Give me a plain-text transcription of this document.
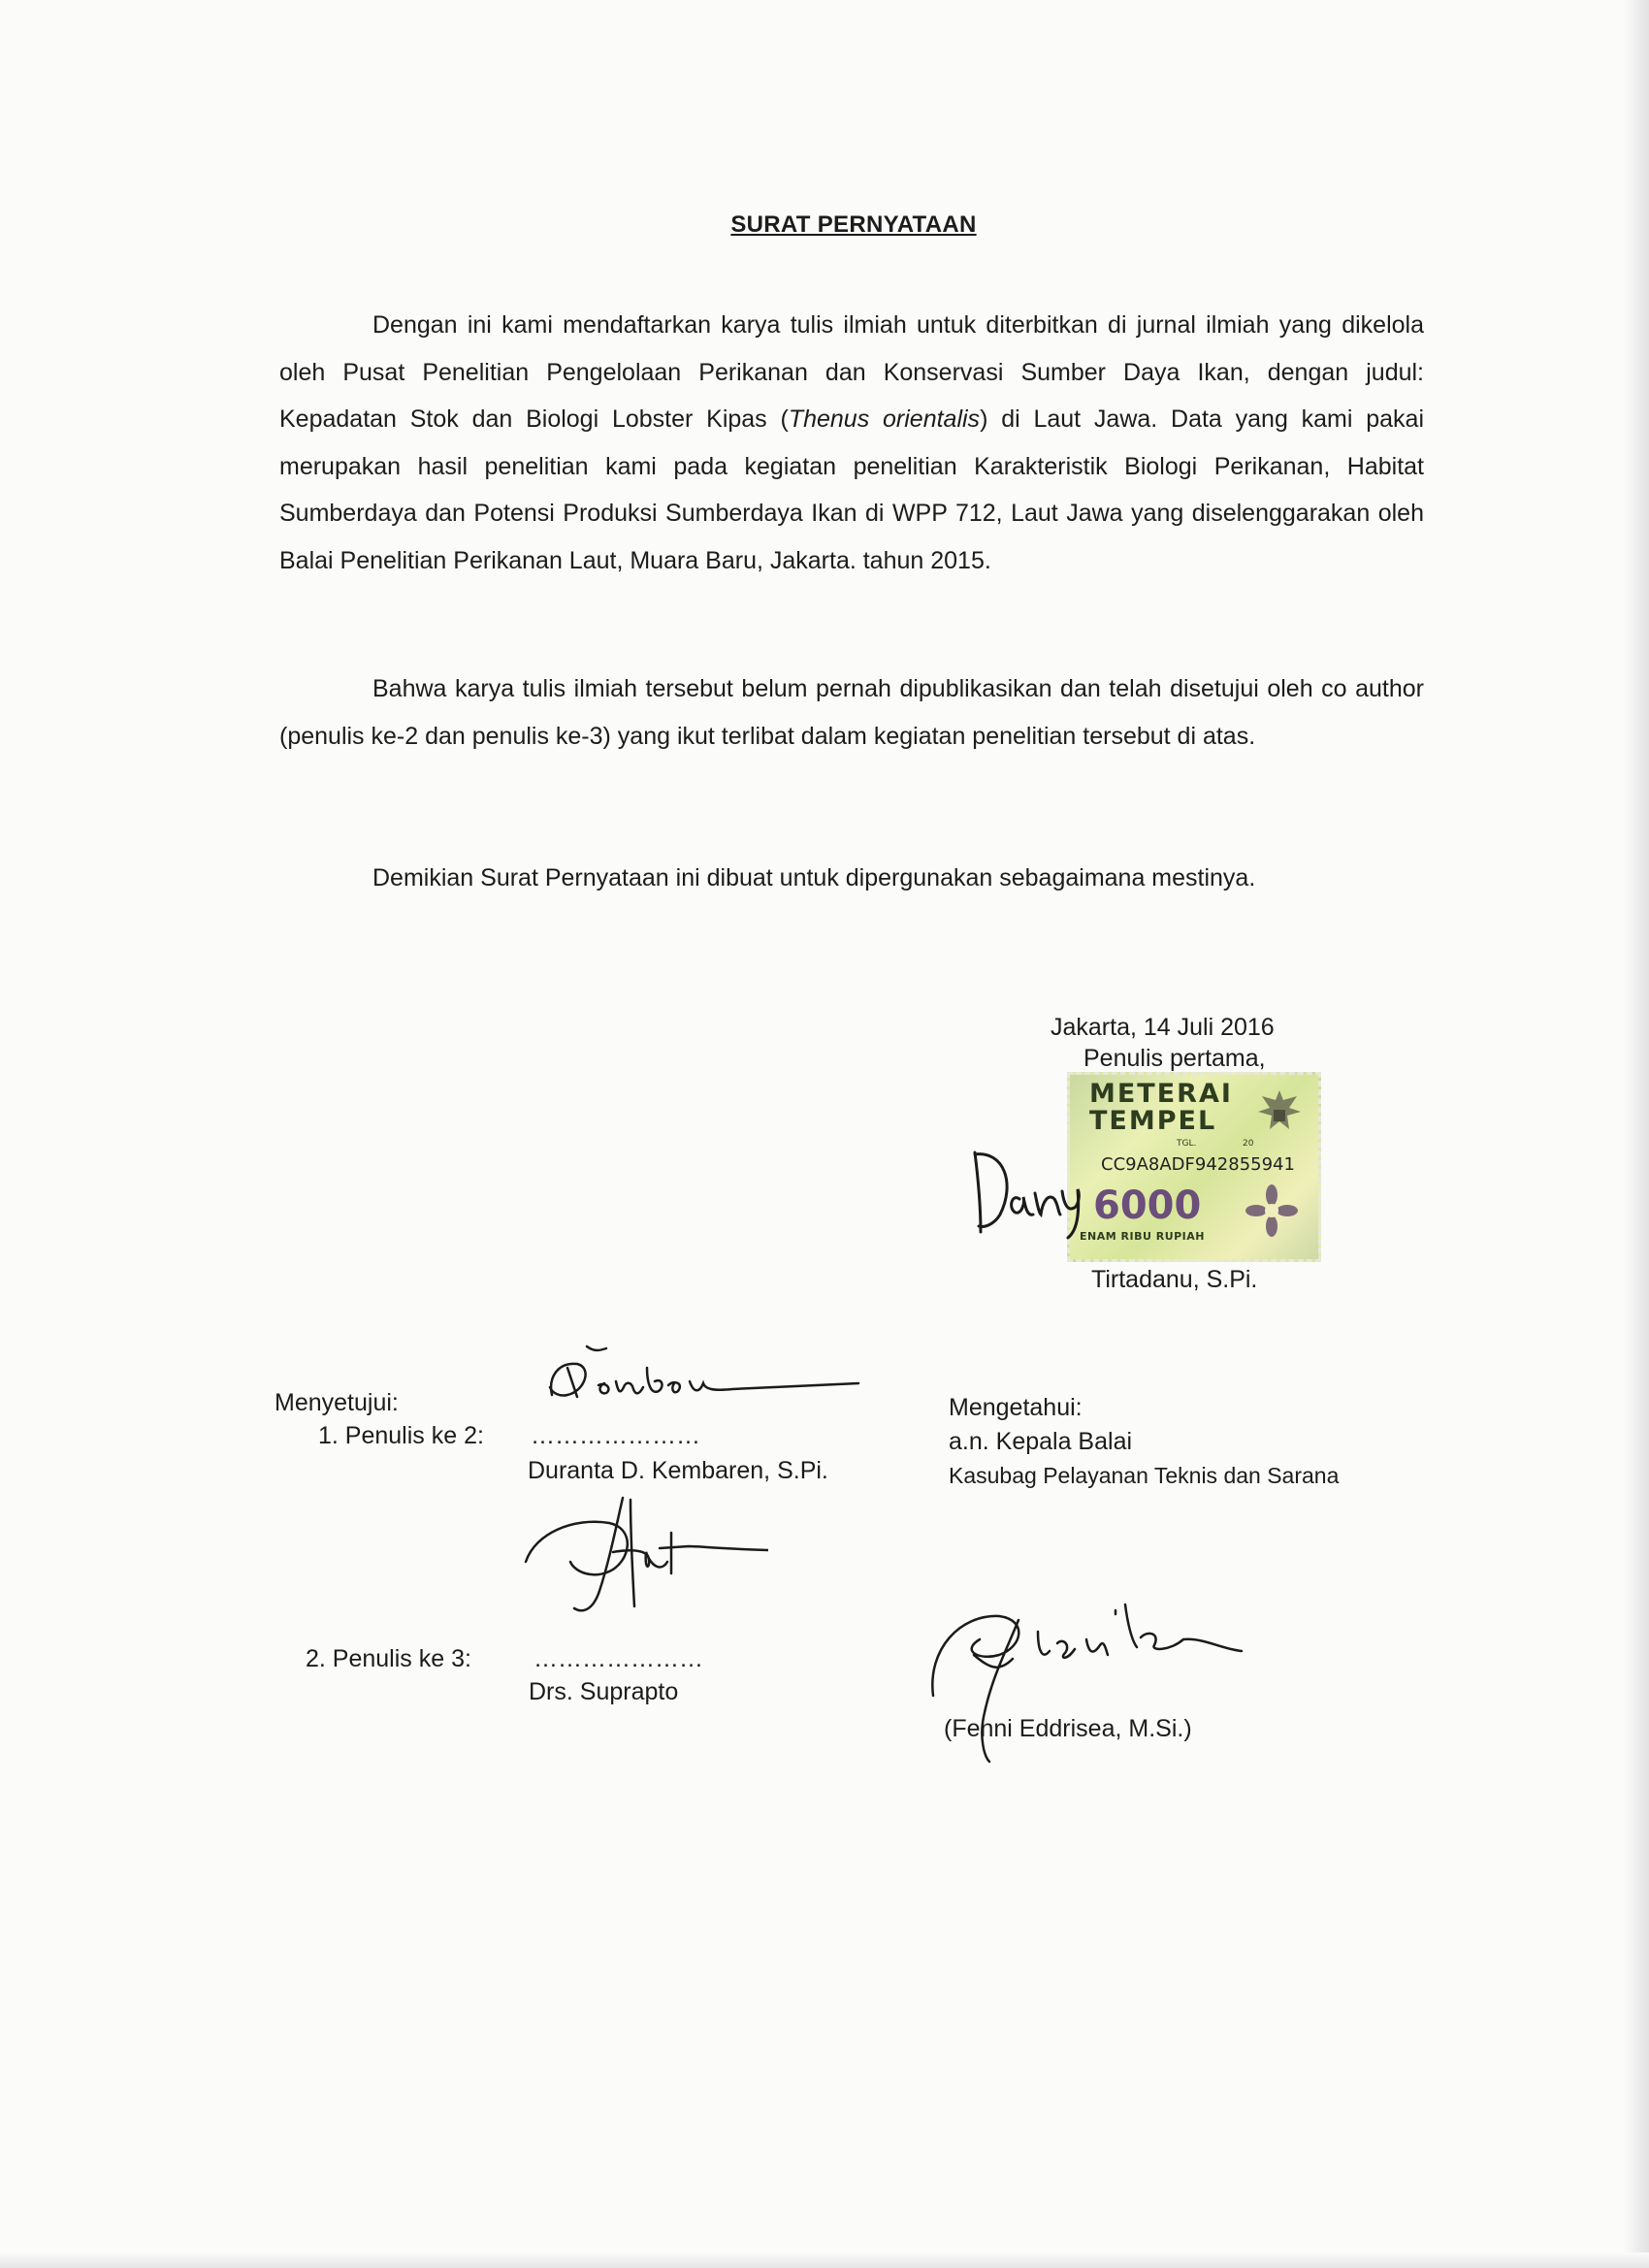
SURAT PERNYATAAN
Dengan ini kami mendaftarkan karya tulis ilmiah untuk diterbitkan di jurnal ilmiah yang dikelola oleh Pusat Penelitian Pengelolaan Perikanan dan Konservasi Sumber Daya Ikan, dengan judul: Kepadatan Stok dan Biologi Lobster Kipas (Thenus orientalis) di Laut Jawa. Data yang kami pakai merupakan hasil penelitian kami pada kegiatan penelitian Karakteristik Biologi Perikanan, Habitat Sumberdaya dan Potensi Produksi Sumberdaya Ikan di WPP 712, Laut Jawa yang diselenggarakan oleh Balai Penelitian Perikanan Laut, Muara Baru, Jakarta. tahun 2015.
Bahwa karya tulis ilmiah tersebut belum pernah dipublikasikan dan telah disetujui oleh co author (penulis ke-2 dan penulis ke-3) yang ikut terlibat dalam kegiatan penelitian tersebut di atas.
Demikian Surat Pernyataan ini dibuat untuk dipergunakan sebagaimana mestinya.
Jakarta, 14 Juli 2016
Penulis pertama,
METERAI
TEMPEL
TGL.	20
CC9A8ADF942855941
6000
ENAM RIBU RUPIAH
Tirtadanu, S.Pi.
Menyetujui:
1. Penulis ke 2: …………………
Duranta D. Kembaren, S.Pi.
2. Penulis ke 3:	…………………
Drs. Suprapto
Mengetahui:
a.n. Kepala Balai
Kasubag Pelayanan Teknis dan Sarana
(Fenni Eddrisea, M.Si.)
